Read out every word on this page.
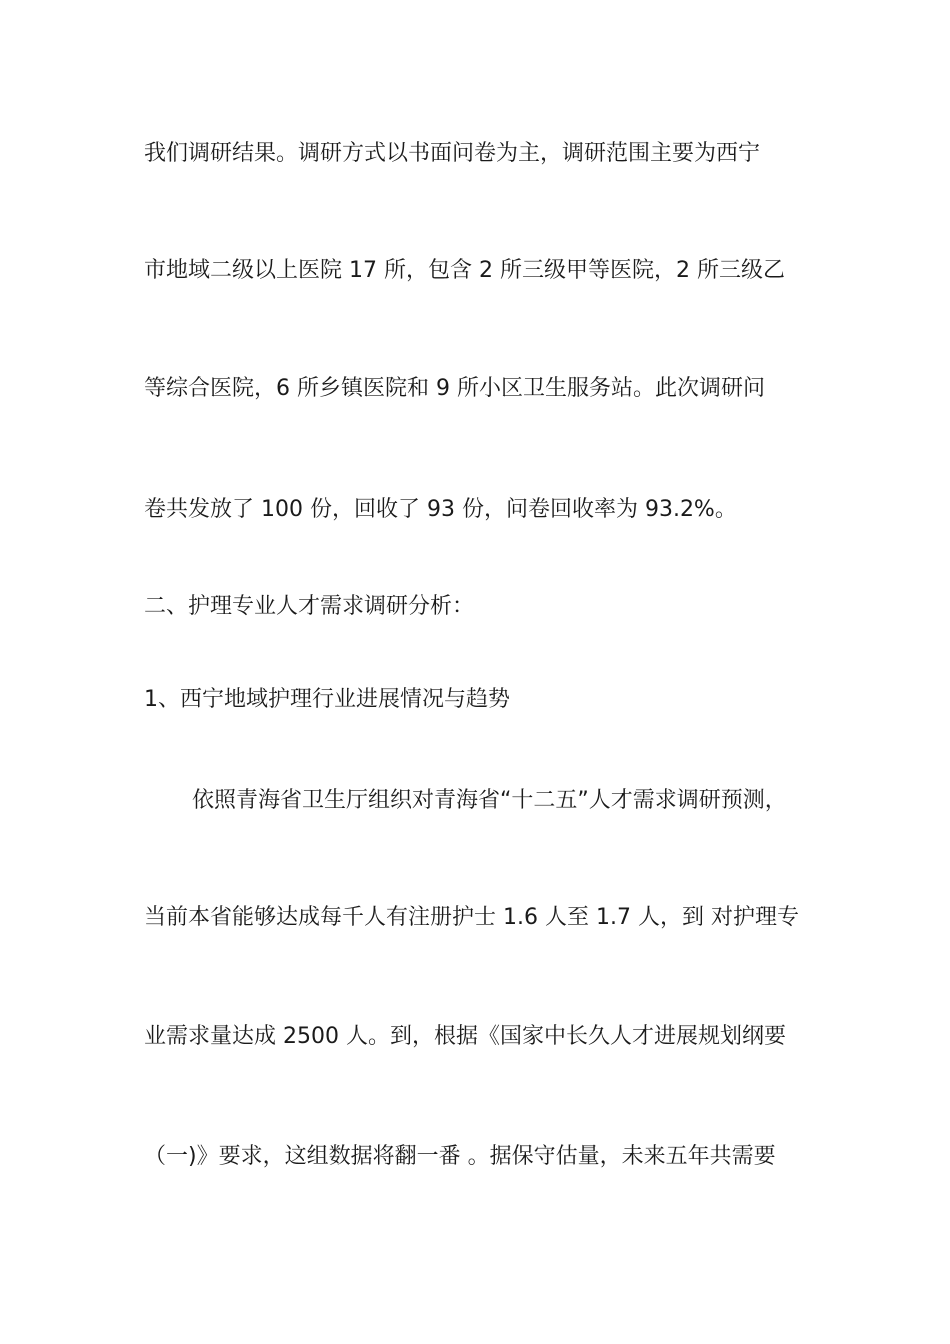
我们调研结果。调研方式以书面问卷为主，调研范围主要为西宁
市地域二级以上医院 17 所，包含 2 所三级甲等医院，2 所三级乙
等综合医院，6 所乡镇医院和 9 所小区卫生服务站。此次调研问
卷共发放了 100 份，回收了 93 份，问卷回收率为 93.2%。
二、护理专业人才需求调研分析：
1、西宁地域护理行业进展情况与趋势
依照青海省卫生厅组织对青海省“十二五”人才需求调研预测，
当前本省能够达成每千人有注册护士 1.6 人至 1.7 人，到 对护理专
业需求量达成 2500 人。到，根据《国家中长久人才进展规划纲要
（一)》要求，这组数据将翻一番 。据保守估量，未来五年共需要
